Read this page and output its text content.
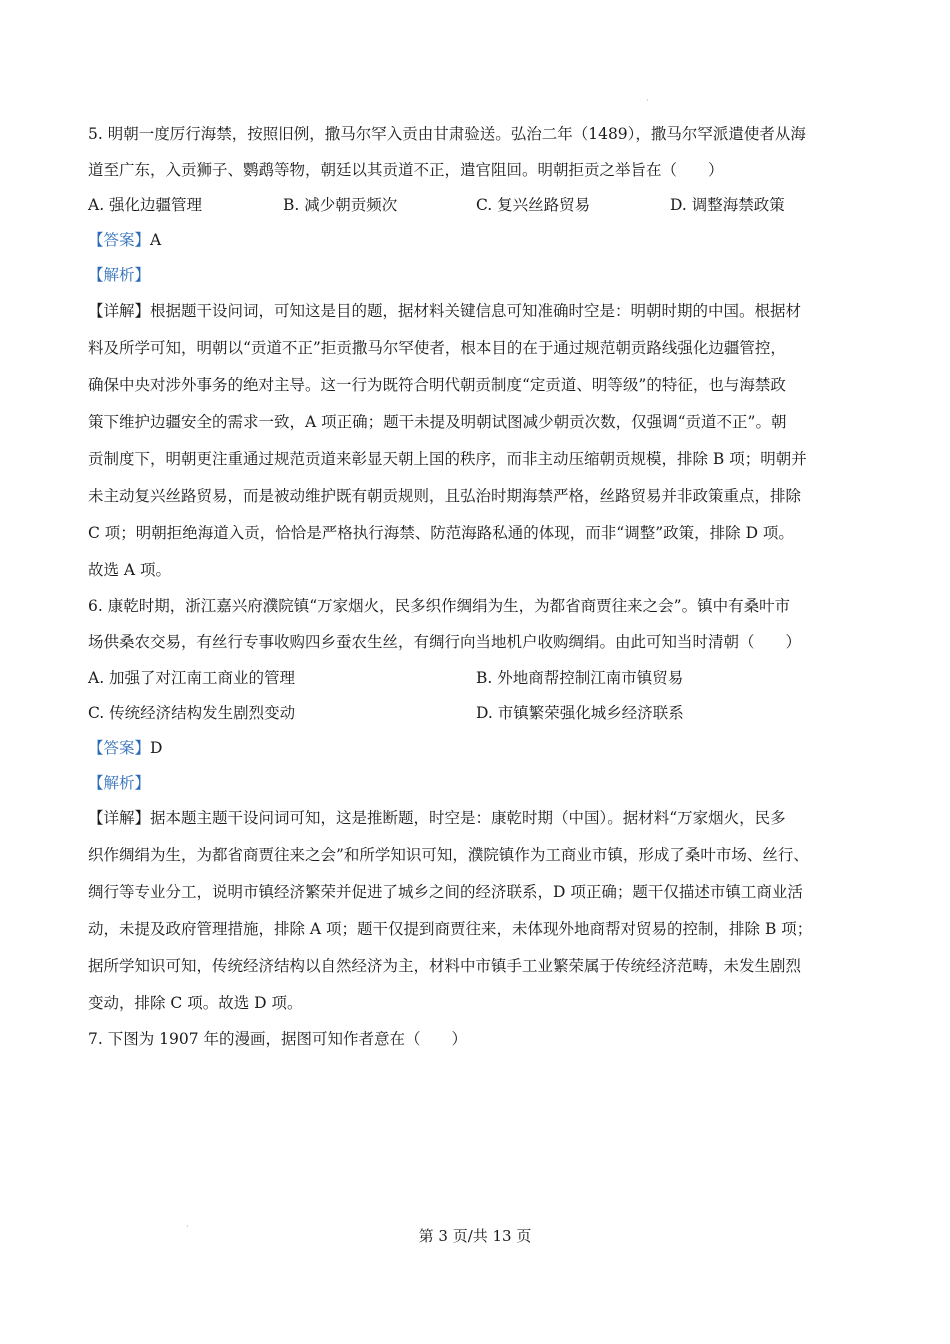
·
5. 明朝一度厉行海禁，按照旧例，撒马尔罕入贡由甘肃验送。弘治二年（1489），撒马尔罕派遣使者从海
道至广东，入贡狮子、鹦鹉等物，朝廷以其贡道不正，遣官阻回。明朝拒贡之举旨在（　　）
A. 强化边疆管理	B. 减少朝贡频次	C. 复兴丝路贸易	D. 调整海禁政策
【答案】A
【解析】
【详解】根据题干设问词，可知这是目的题，据材料关键信息可知准确时空是：明朝时期的中国。根据材
料及所学可知，明朝以“贡道不正”拒贡撒马尔罕使者，根本目的在于通过规范朝贡路线强化边疆管控，
确保中央对涉外事务的绝对主导。这一行为既符合明代朝贡制度“定贡道、明等级”的特征，也与海禁政
策下维护边疆安全的需求一致，A 项正确；题干未提及明朝试图减少朝贡次数，仅强调“贡道不正”。朝
贡制度下，明朝更注重通过规范贡道来彰显天朝上国的秩序，而非主动压缩朝贡规模，排除 B 项；明朝并
未主动复兴丝路贸易，而是被动维护既有朝贡规则，且弘治时期海禁严格，丝路贸易并非政策重点，排除
C 项；明朝拒绝海道入贡，恰恰是严格执行海禁、防范海路私通的体现，而非“调整”政策，排除 D 项。
故选 A 项。
6. 康乾时期，浙江嘉兴府濮院镇“万家烟火，民多织作绸绢为生，为都省商贾往来之会”。镇中有桑叶市
场供桑农交易，有丝行专事收购四乡蚕农生丝，有绸行向当地机户收购绸绢。由此可知当时清朝（　　）
A. 加强了对江南工商业的管理	B. 外地商帮控制江南市镇贸易
C. 传统经济结构发生剧烈变动	D. 市镇繁荣强化城乡经济联系
【答案】D
【解析】
【详解】据本题主题干设问词可知，这是推断题，时空是：康乾时期（中国）。据材料“万家烟火，民多
织作绸绢为生，为都省商贾往来之会”和所学知识可知，濮院镇作为工商业市镇，形成了桑叶市场、丝行、
绸行等专业分工，说明市镇经济繁荣并促进了城乡之间的经济联系，D 项正确；题干仅描述市镇工商业活
动，未提及政府管理措施，排除 A 项；题干仅提到商贾往来，未体现外地商帮对贸易的控制，排除 B 项；
据所学知识可知，传统经济结构以自然经济为主，材料中市镇手工业繁荣属于传统经济范畴，未发生剧烈
变动，排除 C 项。故选 D 项。
7. 下图为 1907 年的漫画，据图可知作者意在（　　）
·
第 3 页/共 13 页
